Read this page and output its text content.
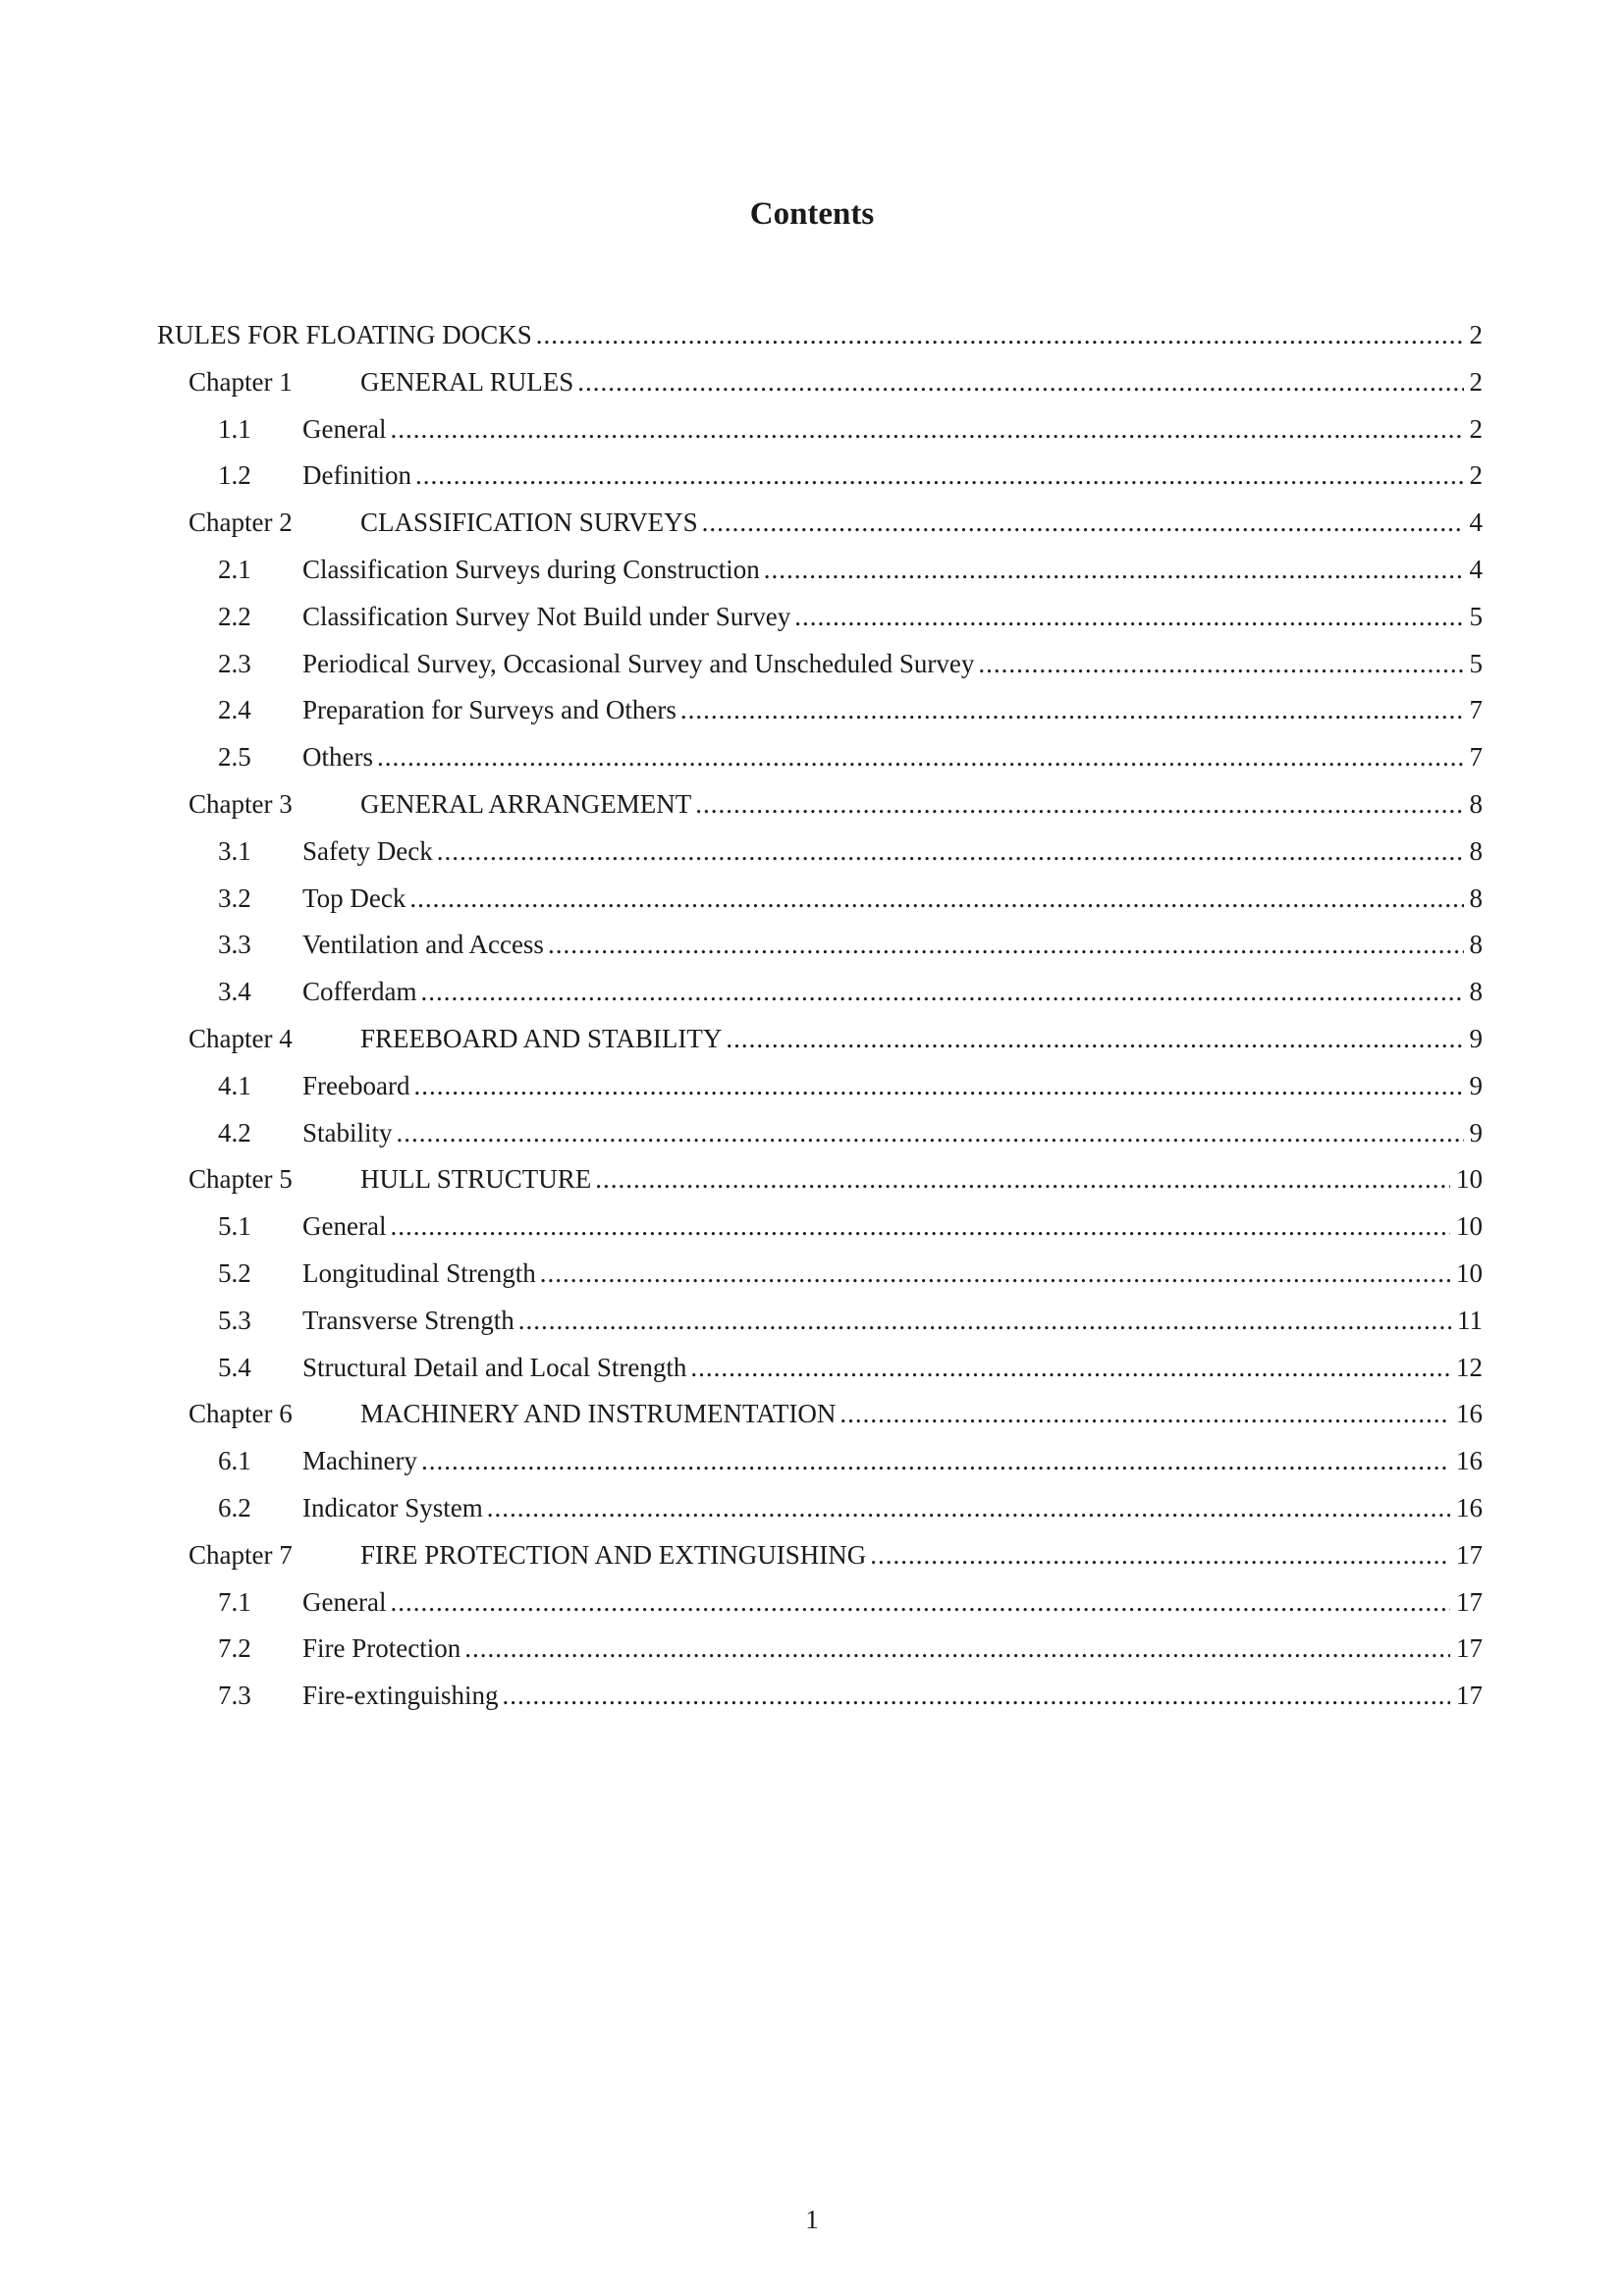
Contents
RULES FOR FLOATING DOCKS .....	2
Chapter 1	GENERAL RULES .....	2
1.1	General .....	2
1.2	Definition .....	2
Chapter 2	CLASSIFICATION SURVEYS .....	4
2.1	Classification Surveys during Construction .....	4
2.2	Classification Survey Not Build under Survey .....	5
2.3	Periodical Survey, Occasional Survey and Unscheduled Survey .....	5
2.4	Preparation for Surveys and Others .....	7
2.5	Others .....	7
Chapter 3	GENERAL ARRANGEMENT .....	8
3.1	Safety Deck .....	8
3.2	Top Deck .....	8
3.3	Ventilation and Access .....	8
3.4	Cofferdam .....	8
Chapter 4	FREEBOARD AND STABILITY .....	9
4.1	Freeboard .....	9
4.2	Stability .....	9
Chapter 5	HULL STRUCTURE .....	10
5.1	General .....	10
5.2	Longitudinal Strength .....	10
5.3	Transverse Strength .....	11
5.4	Structural Detail and Local Strength .....	12
Chapter 6	MACHINERY AND INSTRUMENTATION .....	16
6.1	Machinery .....	16
6.2	Indicator System .....	16
Chapter 7	FIRE PROTECTION AND EXTINGUISHING .....	17
7.1	General .....	17
7.2	Fire Protection .....	17
7.3	Fire-extinguishing .....	17
1
